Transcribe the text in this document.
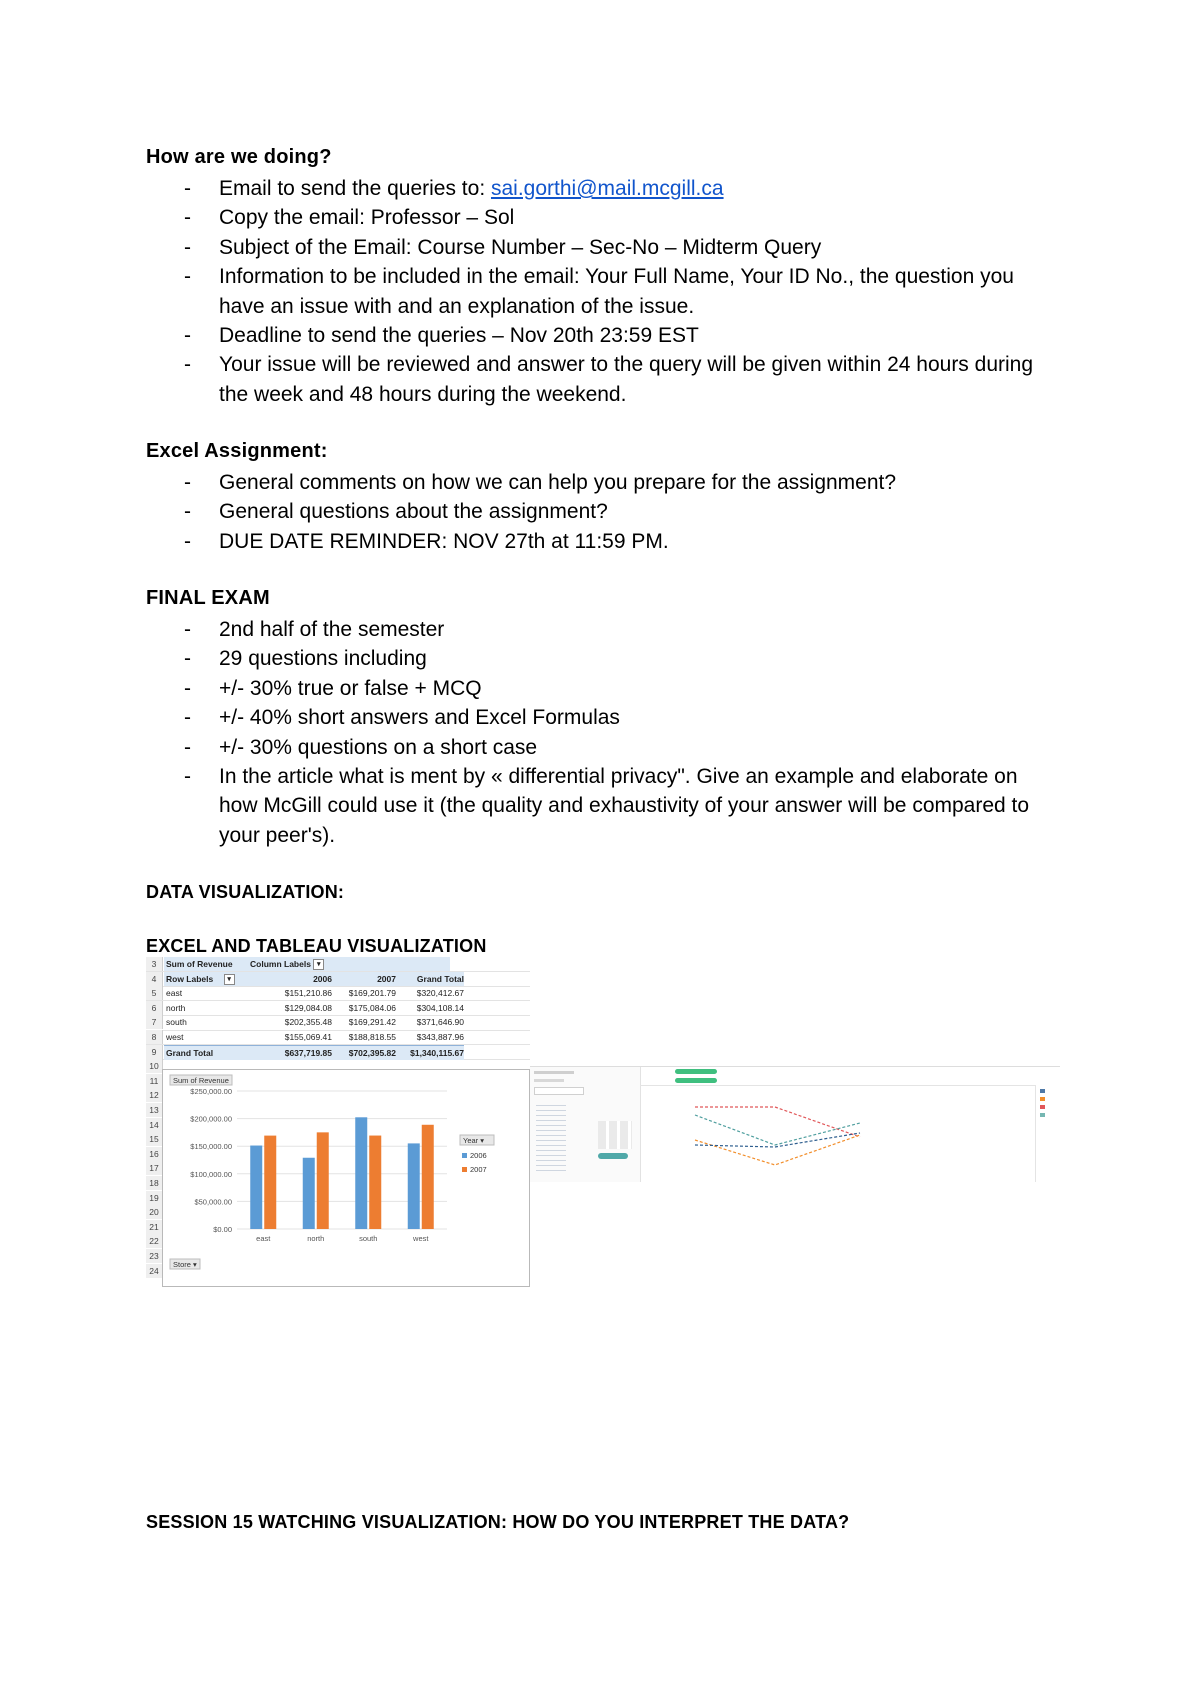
How are we doing?
- Email to send the queries to: sai.gorthi@mail.mcgill.ca
- Copy the email: Professor – Sol
- Subject of the Email: Course Number – Sec-No – Midterm Query
- Information to be included in the email: Your Full Name, Your ID No., the question you have an issue with and an explanation of the issue.
- Deadline to send the queries – Nov 20th 23:59 EST
- Your issue will be reviewed and answer to the query will be given within 24 hours during the week and 48 hours during the weekend.
Excel Assignment:
- General comments on how we can help you prepare for the assignment?
- General questions about the assignment?
- DUE DATE REMINDER: NOV 27th at 11:59 PM.
FINAL EXAM
- 2nd half of the semester
- 29 questions including
- +/- 30% true or false + MCQ
- +/- 40% short answers and Excel Formulas
- +/- 30% questions on a short case
- In the article what is ment by « differential privacy". Give an example and elaborate on how McGill could use it (the quality and exhaustivity of your answer will be compared to your peer's).
DATA VISUALIZATION:
EXCEL AND TABLEAU VISUALIZATION
3	Sum of Revenue	Column Labels ▾
4	Row Labels ▾	2006	2007	Grand Total
5	east	$151,210.86	$169,201.79	$320,412.67
6	north	$129,084.08	$175,084.06	$304,108.14
7	south	$202,355.48	$169,291.42	$371,646.90
8	west	$155,069.41	$188,818.55	$343,887.96
9	Grand Total	$637,719.85	$702,395.82	$1,340,115.67
10
11
12
13
14
15
16
17
18
19
20
21
22
23
24
Sum of Revenue
$0.00
$50,000.00
$100,000.00
$150,000.00
$200,000.00
$250,000.00
east	north	south	west
Year ▾
2006
2007
Store ▾
SESSION 15 WATCHING VISUALIZATION: HOW DO YOU INTERPRET THE DATA?
